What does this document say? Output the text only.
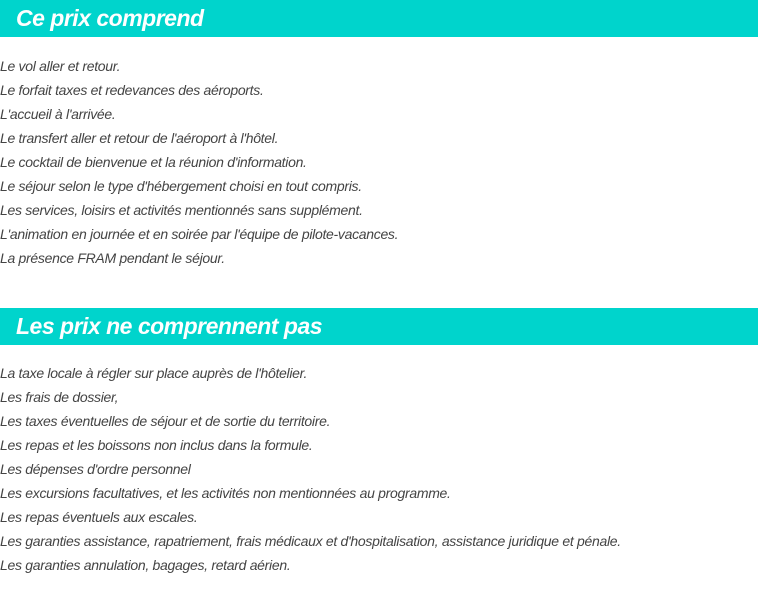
Ce prix comprend
Le vol aller et retour.
Le forfait taxes et redevances des aéroports.
L'accueil à l'arrivée.
Le transfert aller et retour de l'aéroport à l'hôtel.
Le cocktail de bienvenue et la réunion d'information.
Le séjour selon le type d'hébergement choisi en tout compris.
Les services, loisirs et activités mentionnés sans supplément.
L'animation en journée et en soirée par l'équipe de pilote-vacances.
La présence FRAM pendant le séjour.
Les prix ne comprennent pas
La taxe locale à régler sur place auprès de l'hôtelier.
Les frais de dossier,
Les taxes éventuelles de séjour et de sortie du territoire.
Les repas et les boissons non inclus dans la formule.
Les dépenses d'ordre personnel
Les excursions facultatives, et les activités non mentionnées au programme.
Les repas éventuels aux escales.
Les garanties assistance, rapatriement, frais médicaux et d'hospitalisation, assistance juridique et pénale.
Les garanties annulation, bagages, retard aérien.
